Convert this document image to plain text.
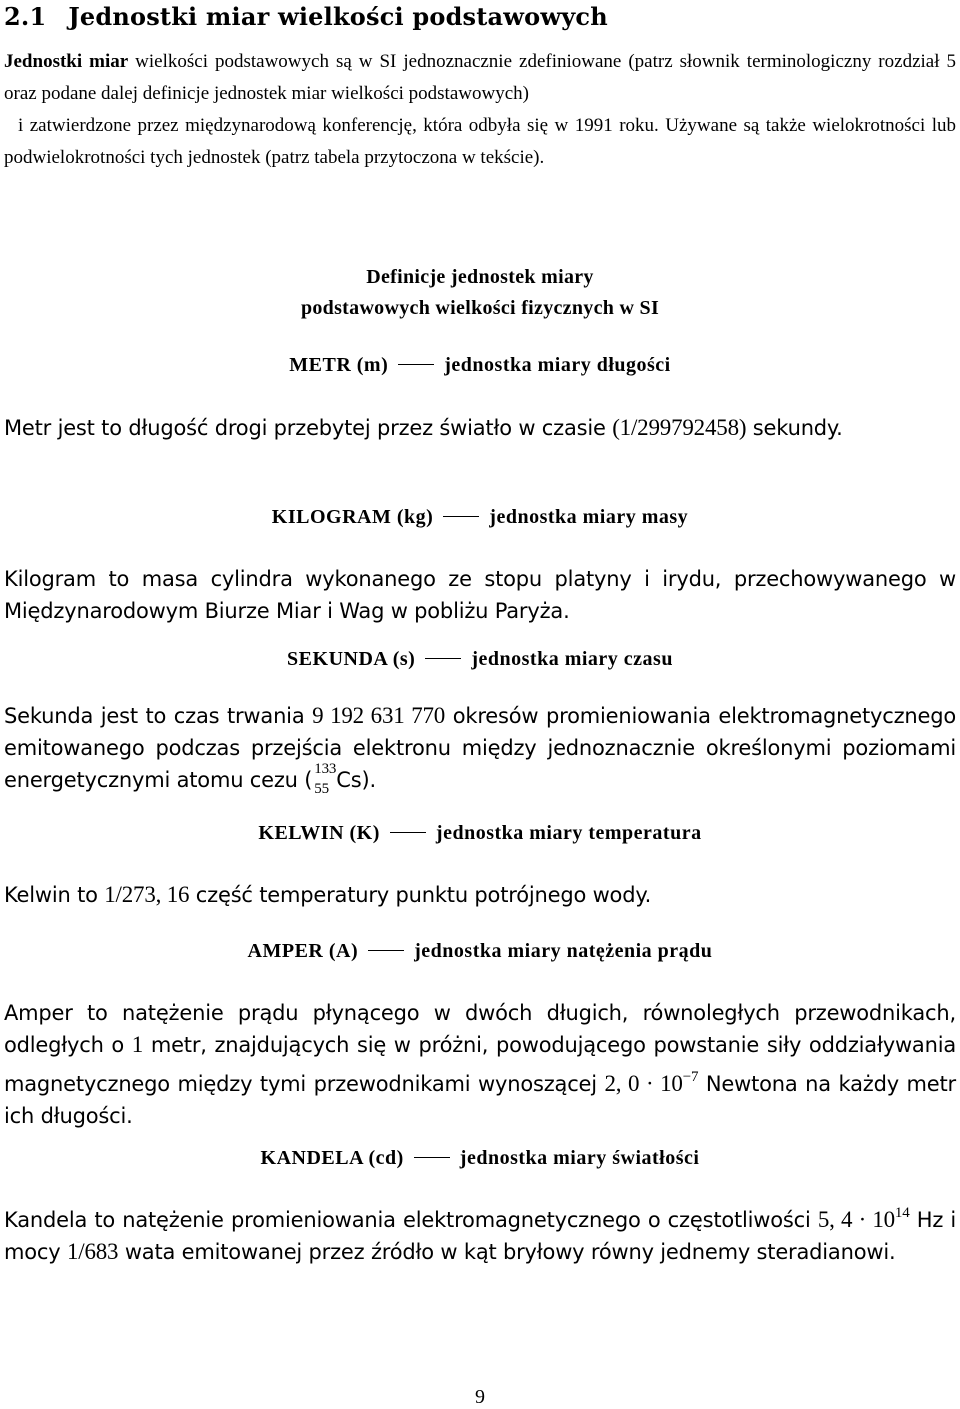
2.1 Jednostki miar wielkości podstawowych

Jednostki miar wielkości podstawowych są w SI jednoznacznie zdefiniowane (patrz słownik terminologiczny rozdział 5 oraz podane dalej definicje jednostek miar wielkości podstawowych)

i zatwierdzone przez międzynarodową konferencję, która odbyła się w 1991 roku. Używane są także wielokrotności lub podwielokrotności tych jednostek (patrz tabela przytoczona w tekście).

Definicje jednostek miary
podstawowych wielkości fizycznych w SI
METR (m)	jednostka miary długości

Metr jest to długość drogi przebytej przez światło w czasie (1/299792458) sekundy.

KILOGRAM (kg)	jednostka miary masy

Kilogram to masa cylindra wykonanego ze stopu platyny i irydu, przechowywanego w Międzynarodowym Biurze Miar i Wag w pobliżu Paryża.

SEKUNDA (s)	jednostka miary czasu

Sekunda jest to czas trwania 9 192 631 770 okresów promieniowania elektromagnetycznego emitowanego podczas przejścia elektronu między jednoznacznie określonymi poziomami energetycznymi atomu cezu ( 133
55 Cs).

KELWIN (K)	jednostka miary temperatura

Kelwin to 1/273, 16 część temperatury punktu potrójnego wody.

AMPER (A)	jednostka miary natężenia prądu

Amper to natężenie prądu płynącego w dwóch długich, równoległych przewodnikach, odległych o 1 metr, znajdujących się w próżni, powodującego powstanie siły oddziaływania magnetycznego między tymi przewodnikami wynoszącej 2, $0 \cdot 10^{-7}$ Newtona na każdy metr ich długości.

KANDELA (cd)	jednostka miary światłości

Kandela to natężenie promieniowania elektromagnetycznego o częstotliwości 5, $4 \cdot 10^{14}$ Hz i mocy 1/683 wata emitowanej przez źródło w kąt bryłowy równy jednemy steradianowi.

9
